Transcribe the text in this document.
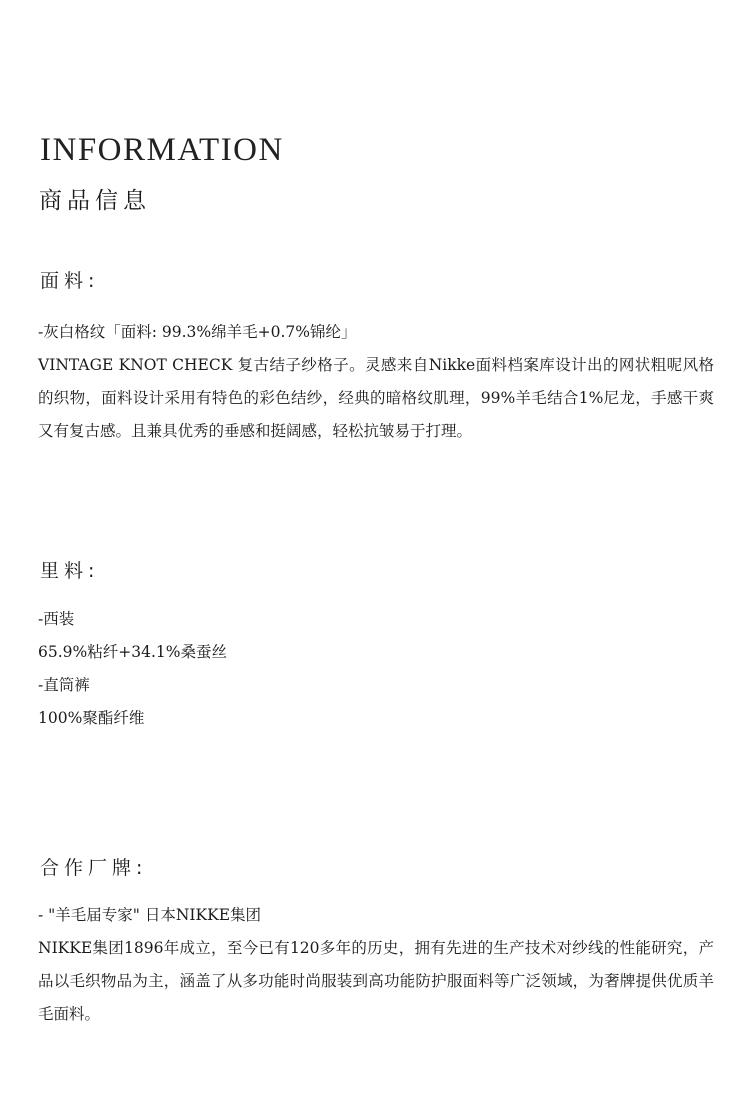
INFORMATION
商品信息
面料:

-灰白格纹「面料: 99.3%绵羊毛+0.7%锦纶」

VINTAGE KNOT CHECK 复古结子纱格子。灵感来自Nikke面料档案库设计出的网状粗呢风格的织物，面料设计采用有特色的彩色结纱，经典的暗格纹肌理，99%羊毛结合1%尼龙，手感干爽又有复古感。且兼具优秀的垂感和挺阔感，轻松抗皱易于打理。

里料:

-西装

65.9%粘纤+34.1%桑蚕丝

-直筒裤

100%聚酯纤维

合作厂牌:

- "羊毛届专家" 日本NIKKE集团

NIKKE集团1896年成立，至今已有120多年的历史，拥有先进的生产技术对纱线的性能研究，产品以毛织物品为主，涵盖了从多功能时尚服装到高功能防护服面料等广泛领域，为奢牌提供优质羊毛面料。
